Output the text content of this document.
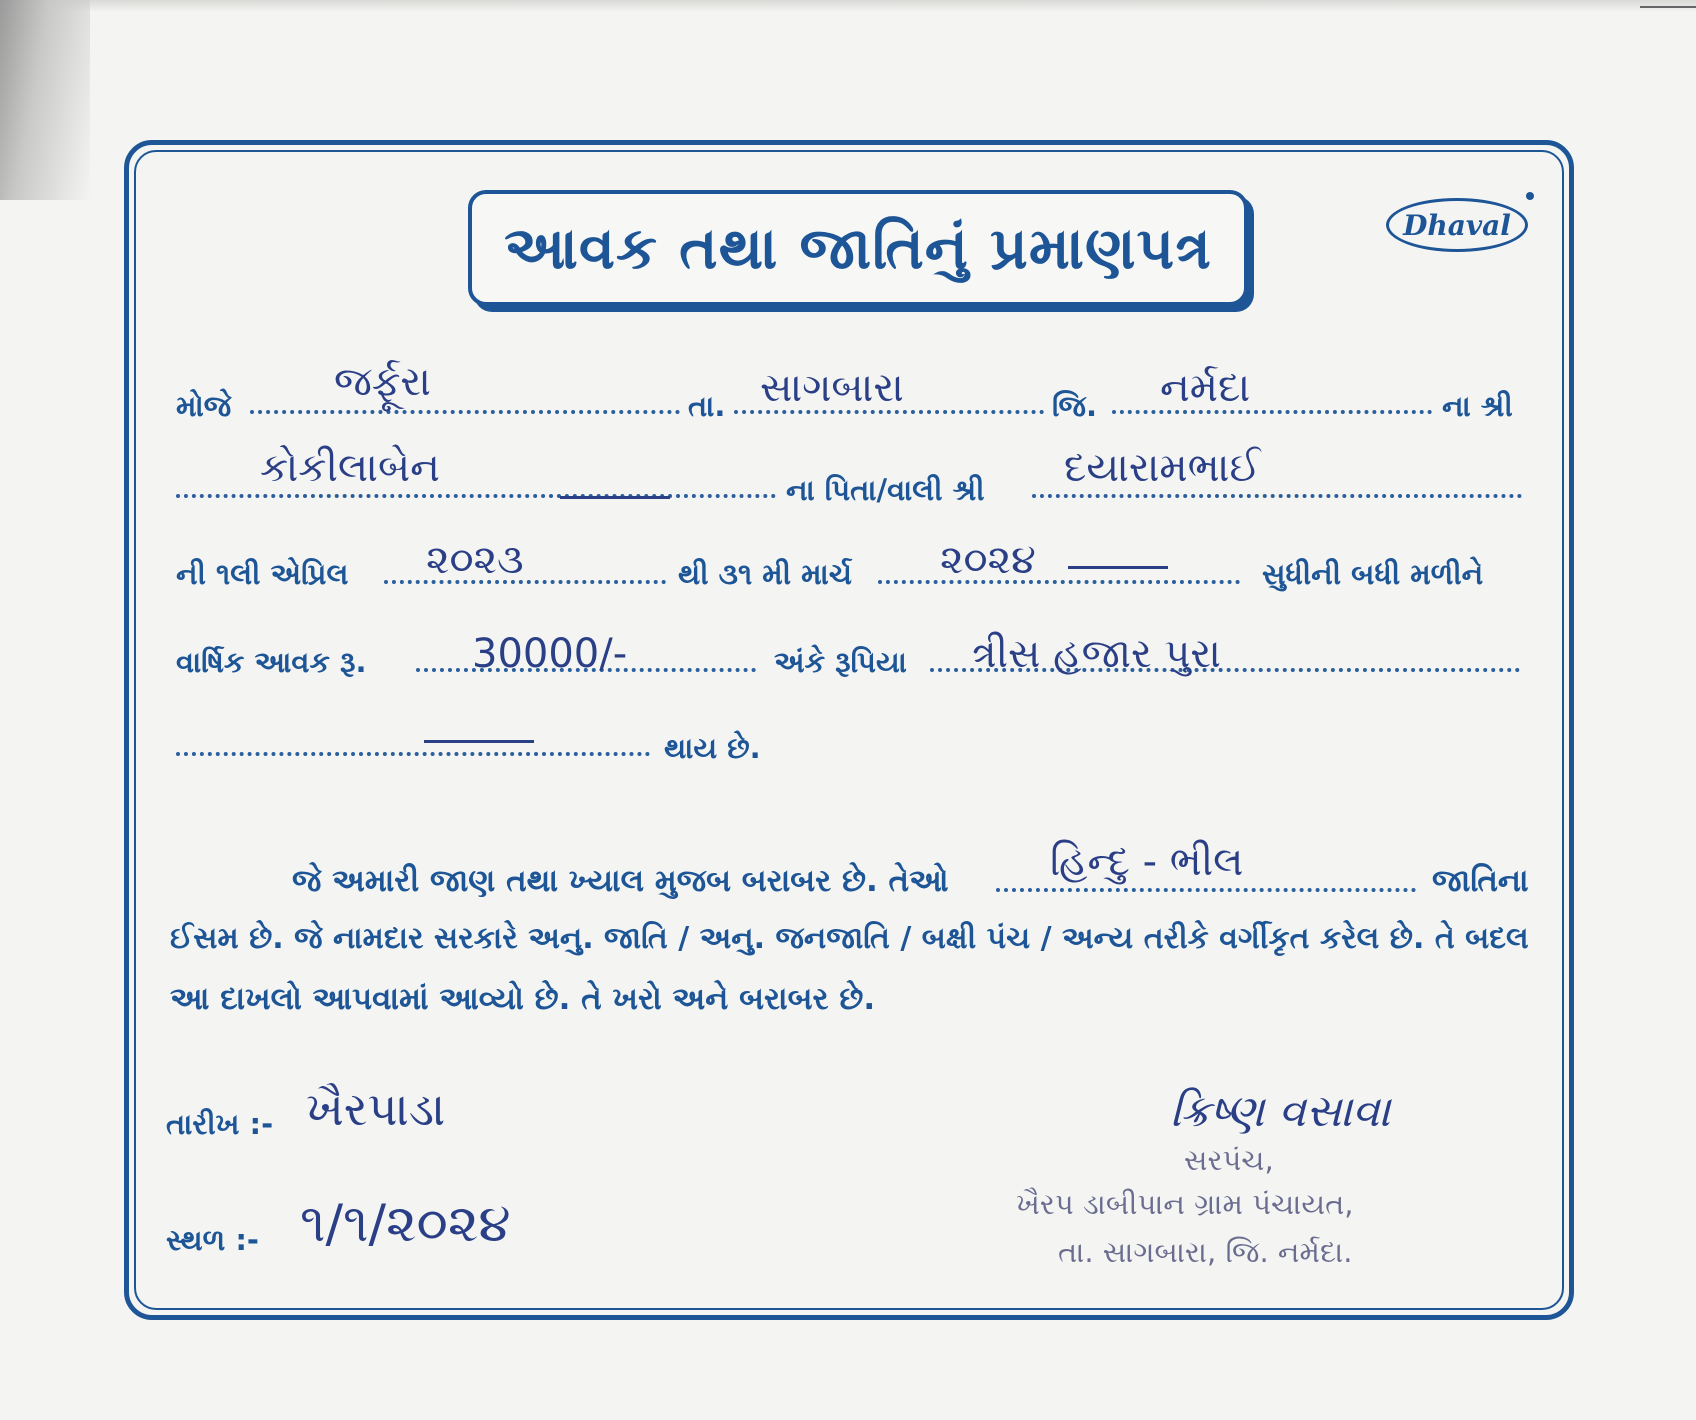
આવક તથા જાતિનું પ્રમાણપત્ર	Dhaval
મોજે
જર્ફૂરા
તા. સાગબારા	જિ. નર્મદા	ના શ્રી
કોકીલાબેન	ના પિતા/વાલી શ્રી દયારામભાઈ
ની ૧લી એપ્રિલ ૨૦૨૩	થી ૩૧ મી માર્ચ ૨૦૨૪	સુધીની બધી મળીને
વાર્ષિક આવક રૂ.	30000/-	અંકે રૂપિયા ત્રીસ હજાર પુરા
થાય છે.
જે અમારી જાણ તથા ખ્યાલ મુજબ બરાબર છે. તેઓ	હિન્દુ - ભીલ	જાતિના
ઈસમ છે. જે નામદાર સરકારે અનુ. જાતિ / અનુ. જનજાતિ / બક્ષી પંચ / અન્ય તરીકે વર્ગીકૃત કરેલ છે. તે બદલ
આ દાખલો આપવામાં આવ્યો છે. તે ખરો અને બરાબર છે.
તારીખ :- ખૈરપાડા
સ્થળ :- ૧/૧/૨૦૨૪
ક્રિષ્ણ વસાવા
સરપંચ,
ખૈરપ ડાબીપાન ગ્રામ પંચાયત,
તા. સાગબારા, જિ. નર્મદા.
